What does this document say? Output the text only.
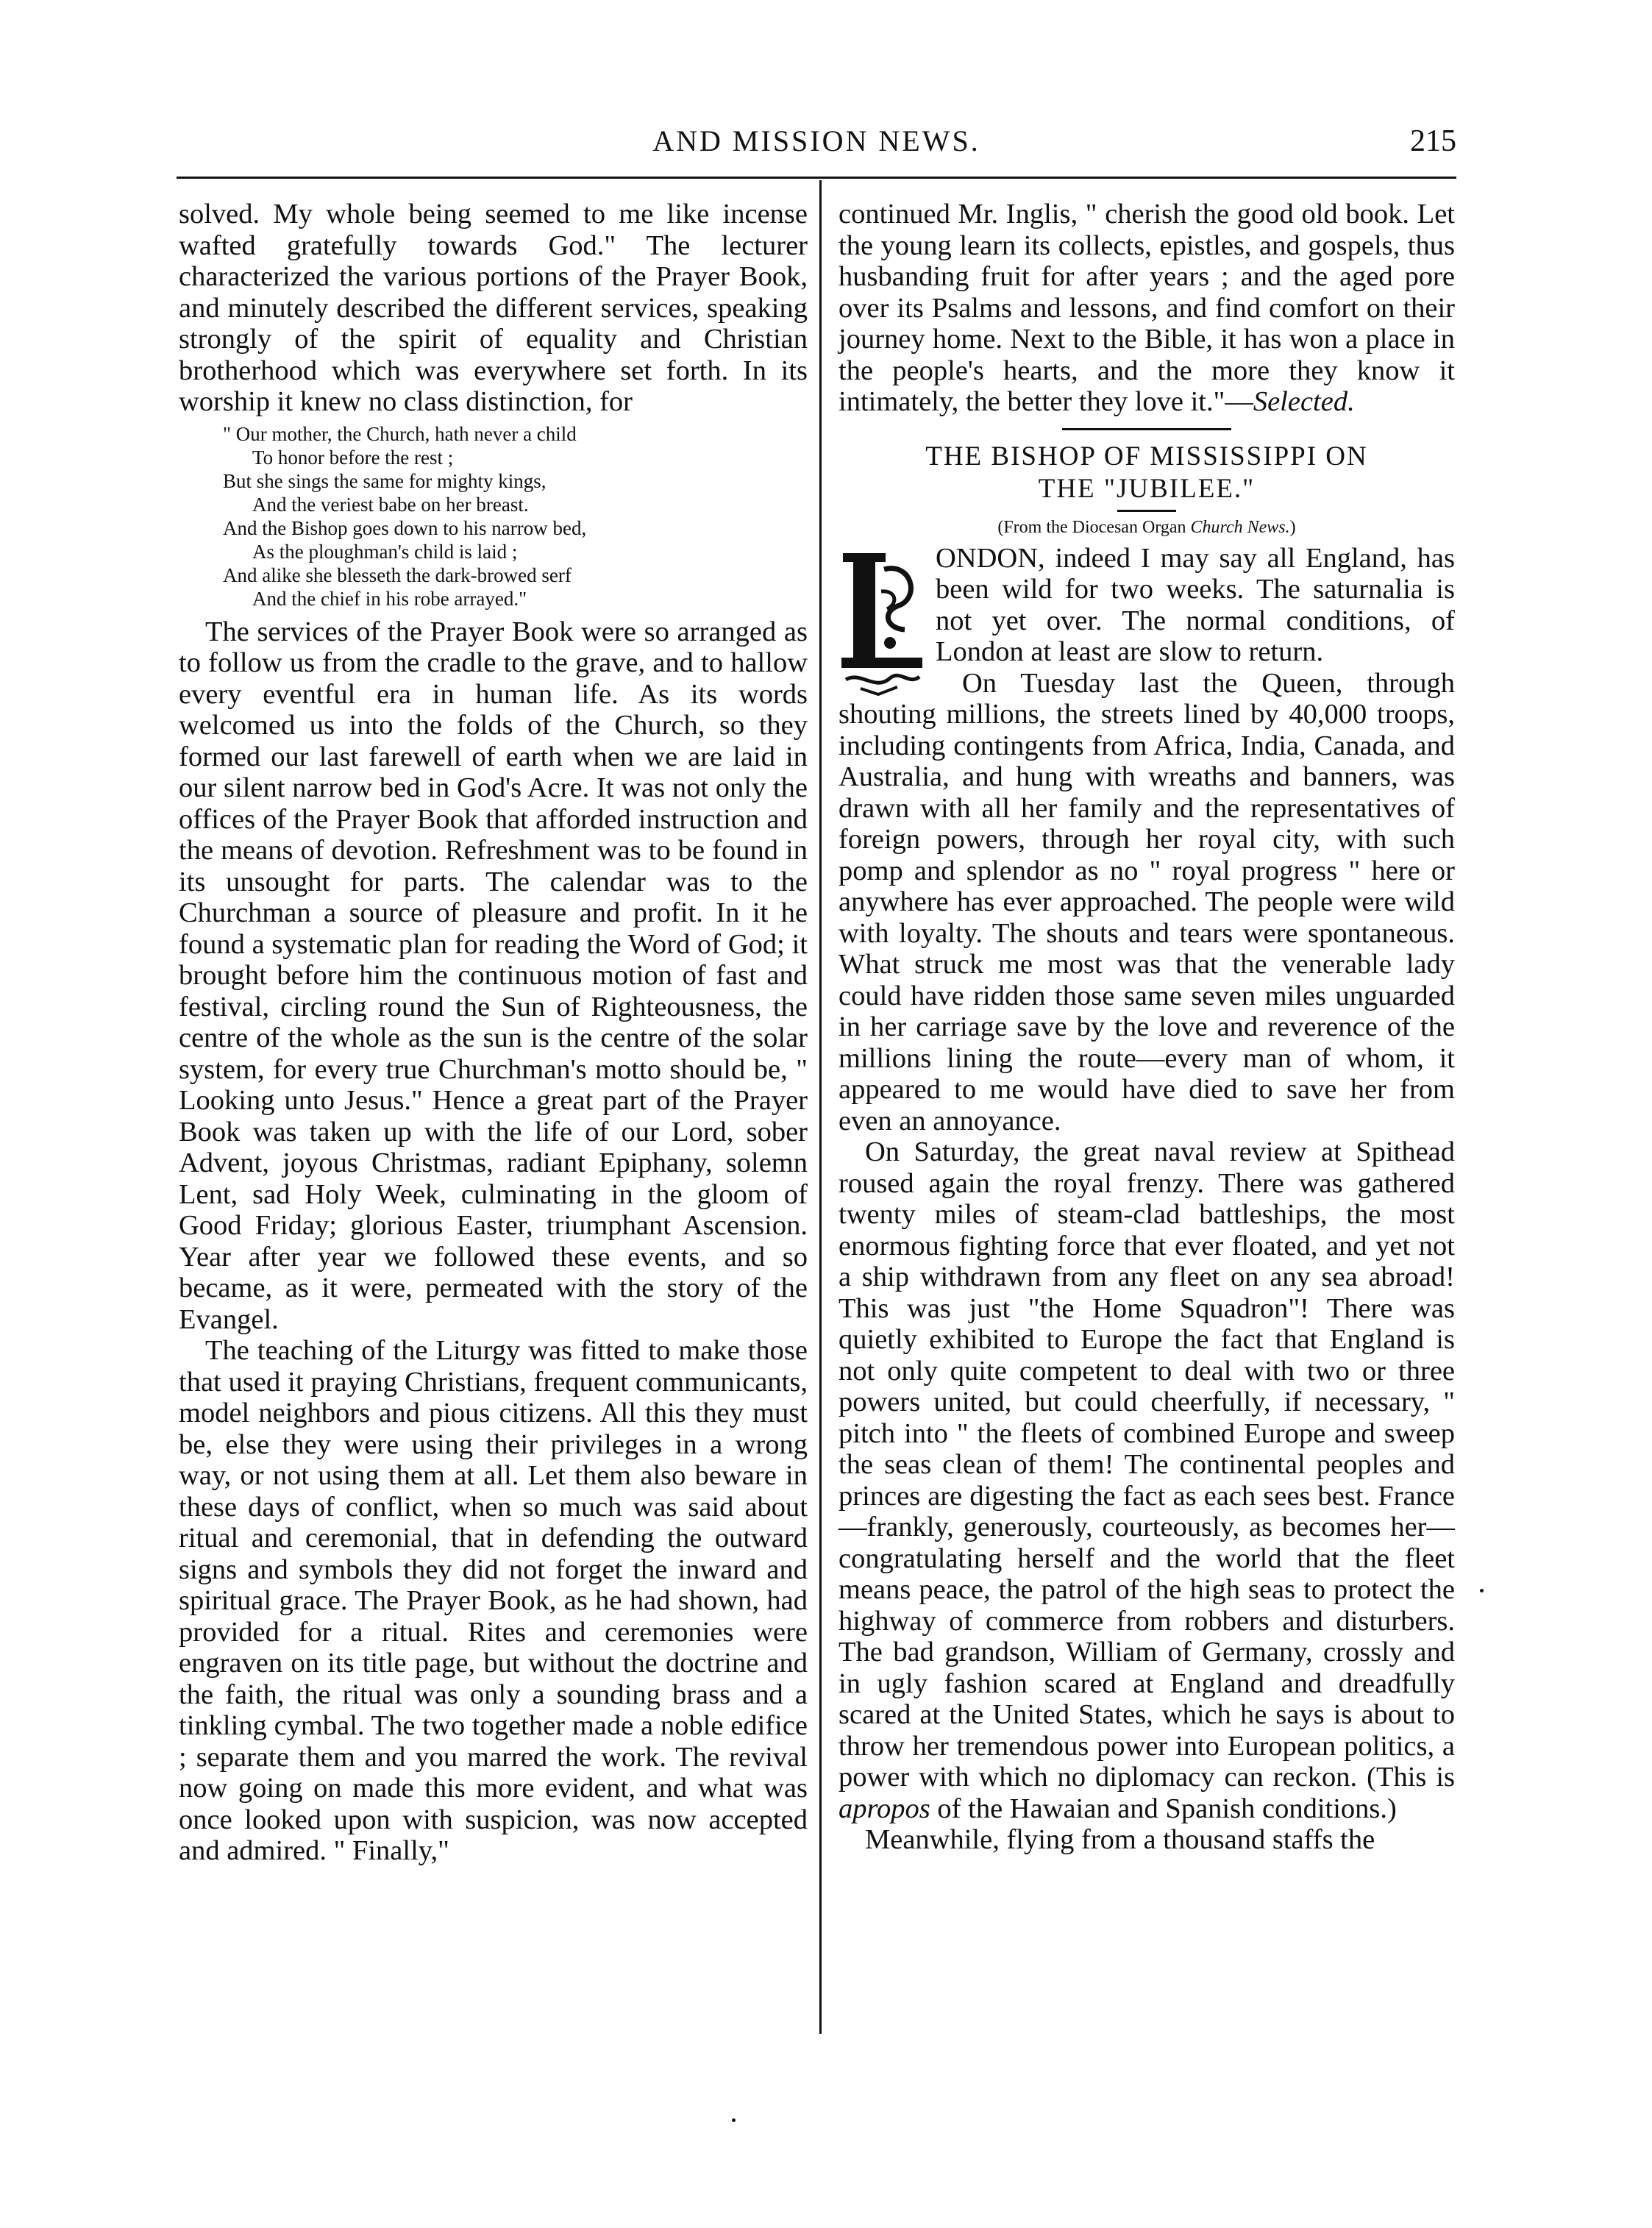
AND MISSION NEWS.	215

solved. My whole being seemed to me like incense wafted gratefully towards God." The lecturer characterized the various portions of the Prayer Book, and minutely described the different services, speaking strongly of the spirit of equality and Christian brotherhood which was everywhere set forth. In its worship it knew no class distinction, for

" Our mother, the Church, hath never a child
To honor before the rest ;
But she sings the same for mighty kings,
And the veriest babe on her breast.
And the Bishop goes down to his narrow bed,
As the ploughman's child is laid ;
And alike she blesseth the dark-browed serf
And the chief in his robe arrayed."

The services of the Prayer Book were so arranged as to follow us from the cradle to the grave, and to hallow every eventful era in human life. As its words welcomed us into the folds of the Church, so they formed our last farewell of earth when we are laid in our silent narrow bed in God's Acre. It was not only the offices of the Prayer Book that afforded instruction and the means of devotion. Refreshment was to be found in its unsought for parts. The calendar was to the Churchman a source of pleasure and profit. In it he found a systematic plan for reading the Word of God; it brought before him the continuous motion of fast and festival, circling round the Sun of Righteousness, the centre of the whole as the sun is the centre of the solar system, for every true Churchman's motto should be, " Looking unto Jesus." Hence a great part of the Prayer Book was taken up with the life of our Lord, sober Advent, joyous Christmas, radiant Epiphany, solemn Lent, sad Holy Week, culminating in the gloom of Good Friday; glorious Easter, triumphant Ascension. Year after year we followed these events, and so became, as it were, permeated with the story of the Evangel.

The teaching of the Liturgy was fitted to make those that used it praying Christians, frequent communicants, model neighbors and pious citizens. All this they must be, else they were using their privileges in a wrong way, or not using them at all. Let them also beware in these days of conflict, when so much was said about ritual and ceremonial, that in defending the outward signs and symbols they did not forget the inward and spiritual grace. The Prayer Book, as he had shown, had provided for a ritual. Rites and ceremonies were engraven on its title page, but without the doctrine and the faith, the ritual was only a sounding brass and a tinkling cymbal. The two together made a noble edifice ; separate them and you marred the work. The revival now going on made this more evident, and what was once looked upon with suspicion, was now accepted and admired. " Finally,"

continued Mr. Inglis, " cherish the good old book. Let the young learn its collects, epistles, and gospels, thus husbanding fruit for after years ; and the aged pore over its Psalms and lessons, and find comfort on their journey home. Next to the Bible, it has won a place in the people's hearts, and the more they know it intimately, the better they love it."—Selected.

THE BISHOP OF MISSISSIPPI ON
THE "JUBILEE."
(From the Diocesan Organ Church News.)

ONDON, indeed I may say all England, has been wild for two weeks. The saturnalia is not yet over. The normal conditions, of London at least are slow to return.

On Tuesday last the Queen, through shouting millions, the streets lined by 40,000 troops, including contingents from Africa, India, Canada, and Australia, and hung with wreaths and banners, was drawn with all her family and the representatives of foreign powers, through her royal city, with such pomp and splendor as no " royal progress " here or anywhere has ever approached. The people were wild with loyalty. The shouts and tears were spontaneous. What struck me most was that the venerable lady could have ridden those same seven miles unguarded in her carriage save by the love and reverence of the millions lining the route—every man of whom, it appeared to me would have died to save her from even an annoyance.

On Saturday, the great naval review at Spithead roused again the royal frenzy. There was gathered twenty miles of steam-clad battleships, the most enormous fighting force that ever floated, and yet not a ship withdrawn from any fleet on any sea abroad! This was just "the Home Squadron"! There was quietly exhibited to Europe the fact that England is not only quite competent to deal with two or three powers united, but could cheerfully, if necessary, " pitch into " the fleets of combined Europe and sweep the seas clean of them! The continental peoples and princes are digesting the fact as each sees best. France—frankly, generously, courteously, as becomes her—congratulating herself and the world that the fleet means peace, the patrol of the high seas to protect the highway of commerce from robbers and disturbers. The bad grandson, William of Germany, crossly and in ugly fashion scared at England and dreadfully scared at the United States, which he says is about to throw her tremendous power into European politics, a power with which no diplomacy can reckon. (This is apropos of the Hawaian and Spanish conditions.)

Meanwhile, flying from a thousand staffs the
